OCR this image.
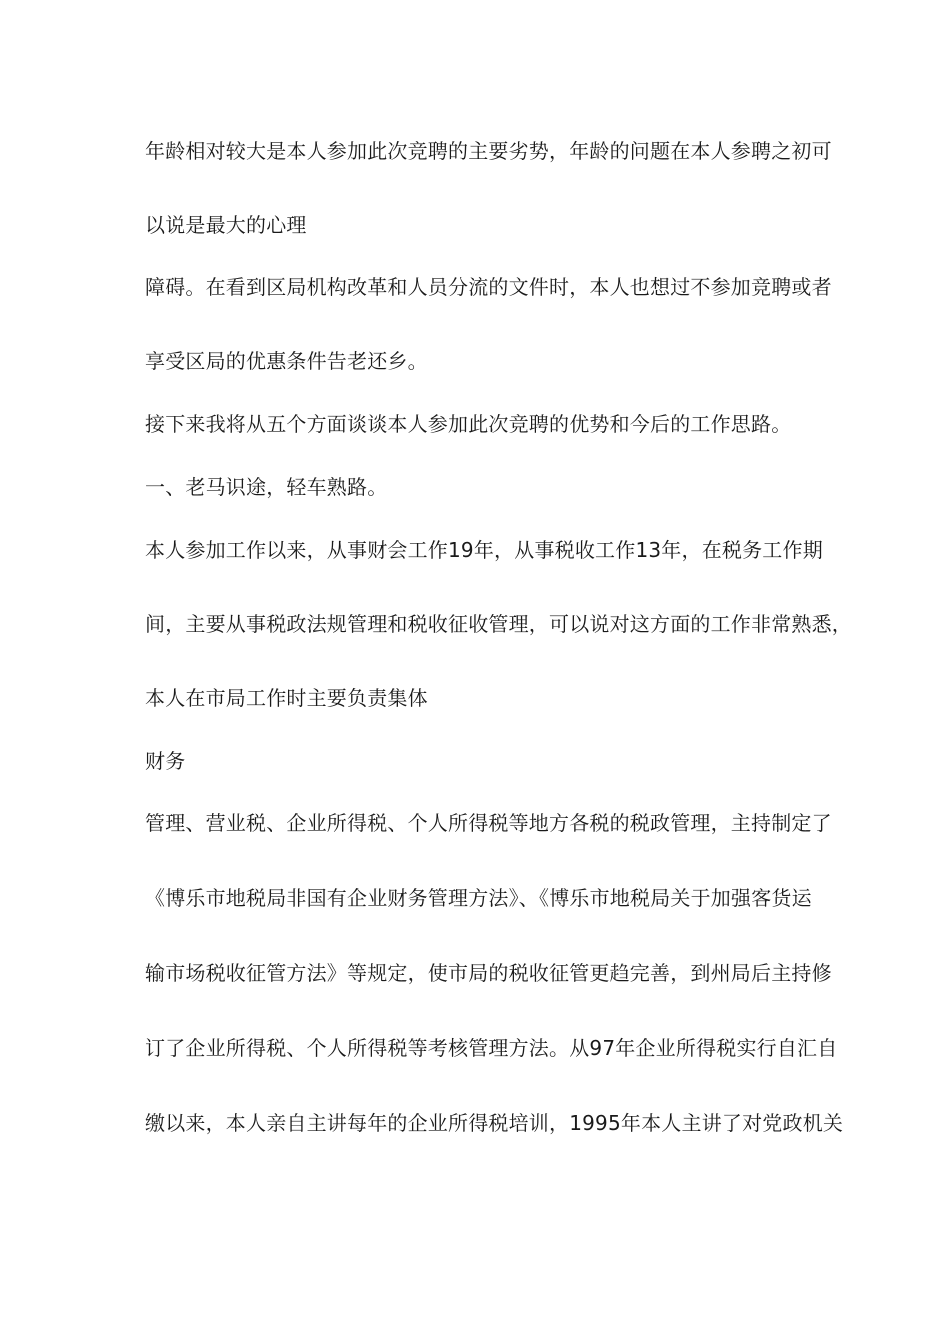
年龄相对较大是本人参加此次竞聘的主要劣势，年龄的问题在本人参聘之初可

以说是最大的心理

障碍。在看到区局机构改革和人员分流的文件时，本人也想过不参加竞聘或者

享受区局的优惠条件告老还乡。

接下来我将从五个方面谈谈本人参加此次竞聘的优势和今后的工作思路。

一、老马识途，轻车熟路。

本人参加工作以来，从事财会工作19年，从事税收工作13年，在税务工作期

间，主要从事税政法规管理和税收征收管理，可以说对这方面的工作非常熟悉，

本人在市局工作时主要负责集体

财务

管理、营业税、企业所得税、个人所得税等地方各税的税政管理，主持制定了

《博乐市地税局非国有企业财务管理方法》、《博乐市地税局关于加强客货运

输市场税收征管方法》等规定，使市局的税收征管更趋完善，到州局后主持修

订了企业所得税、个人所得税等考核管理方法。从97年企业所得税实行自汇自

缴以来，本人亲自主讲每年的企业所得税培训，1995年本人主讲了对党政机关
